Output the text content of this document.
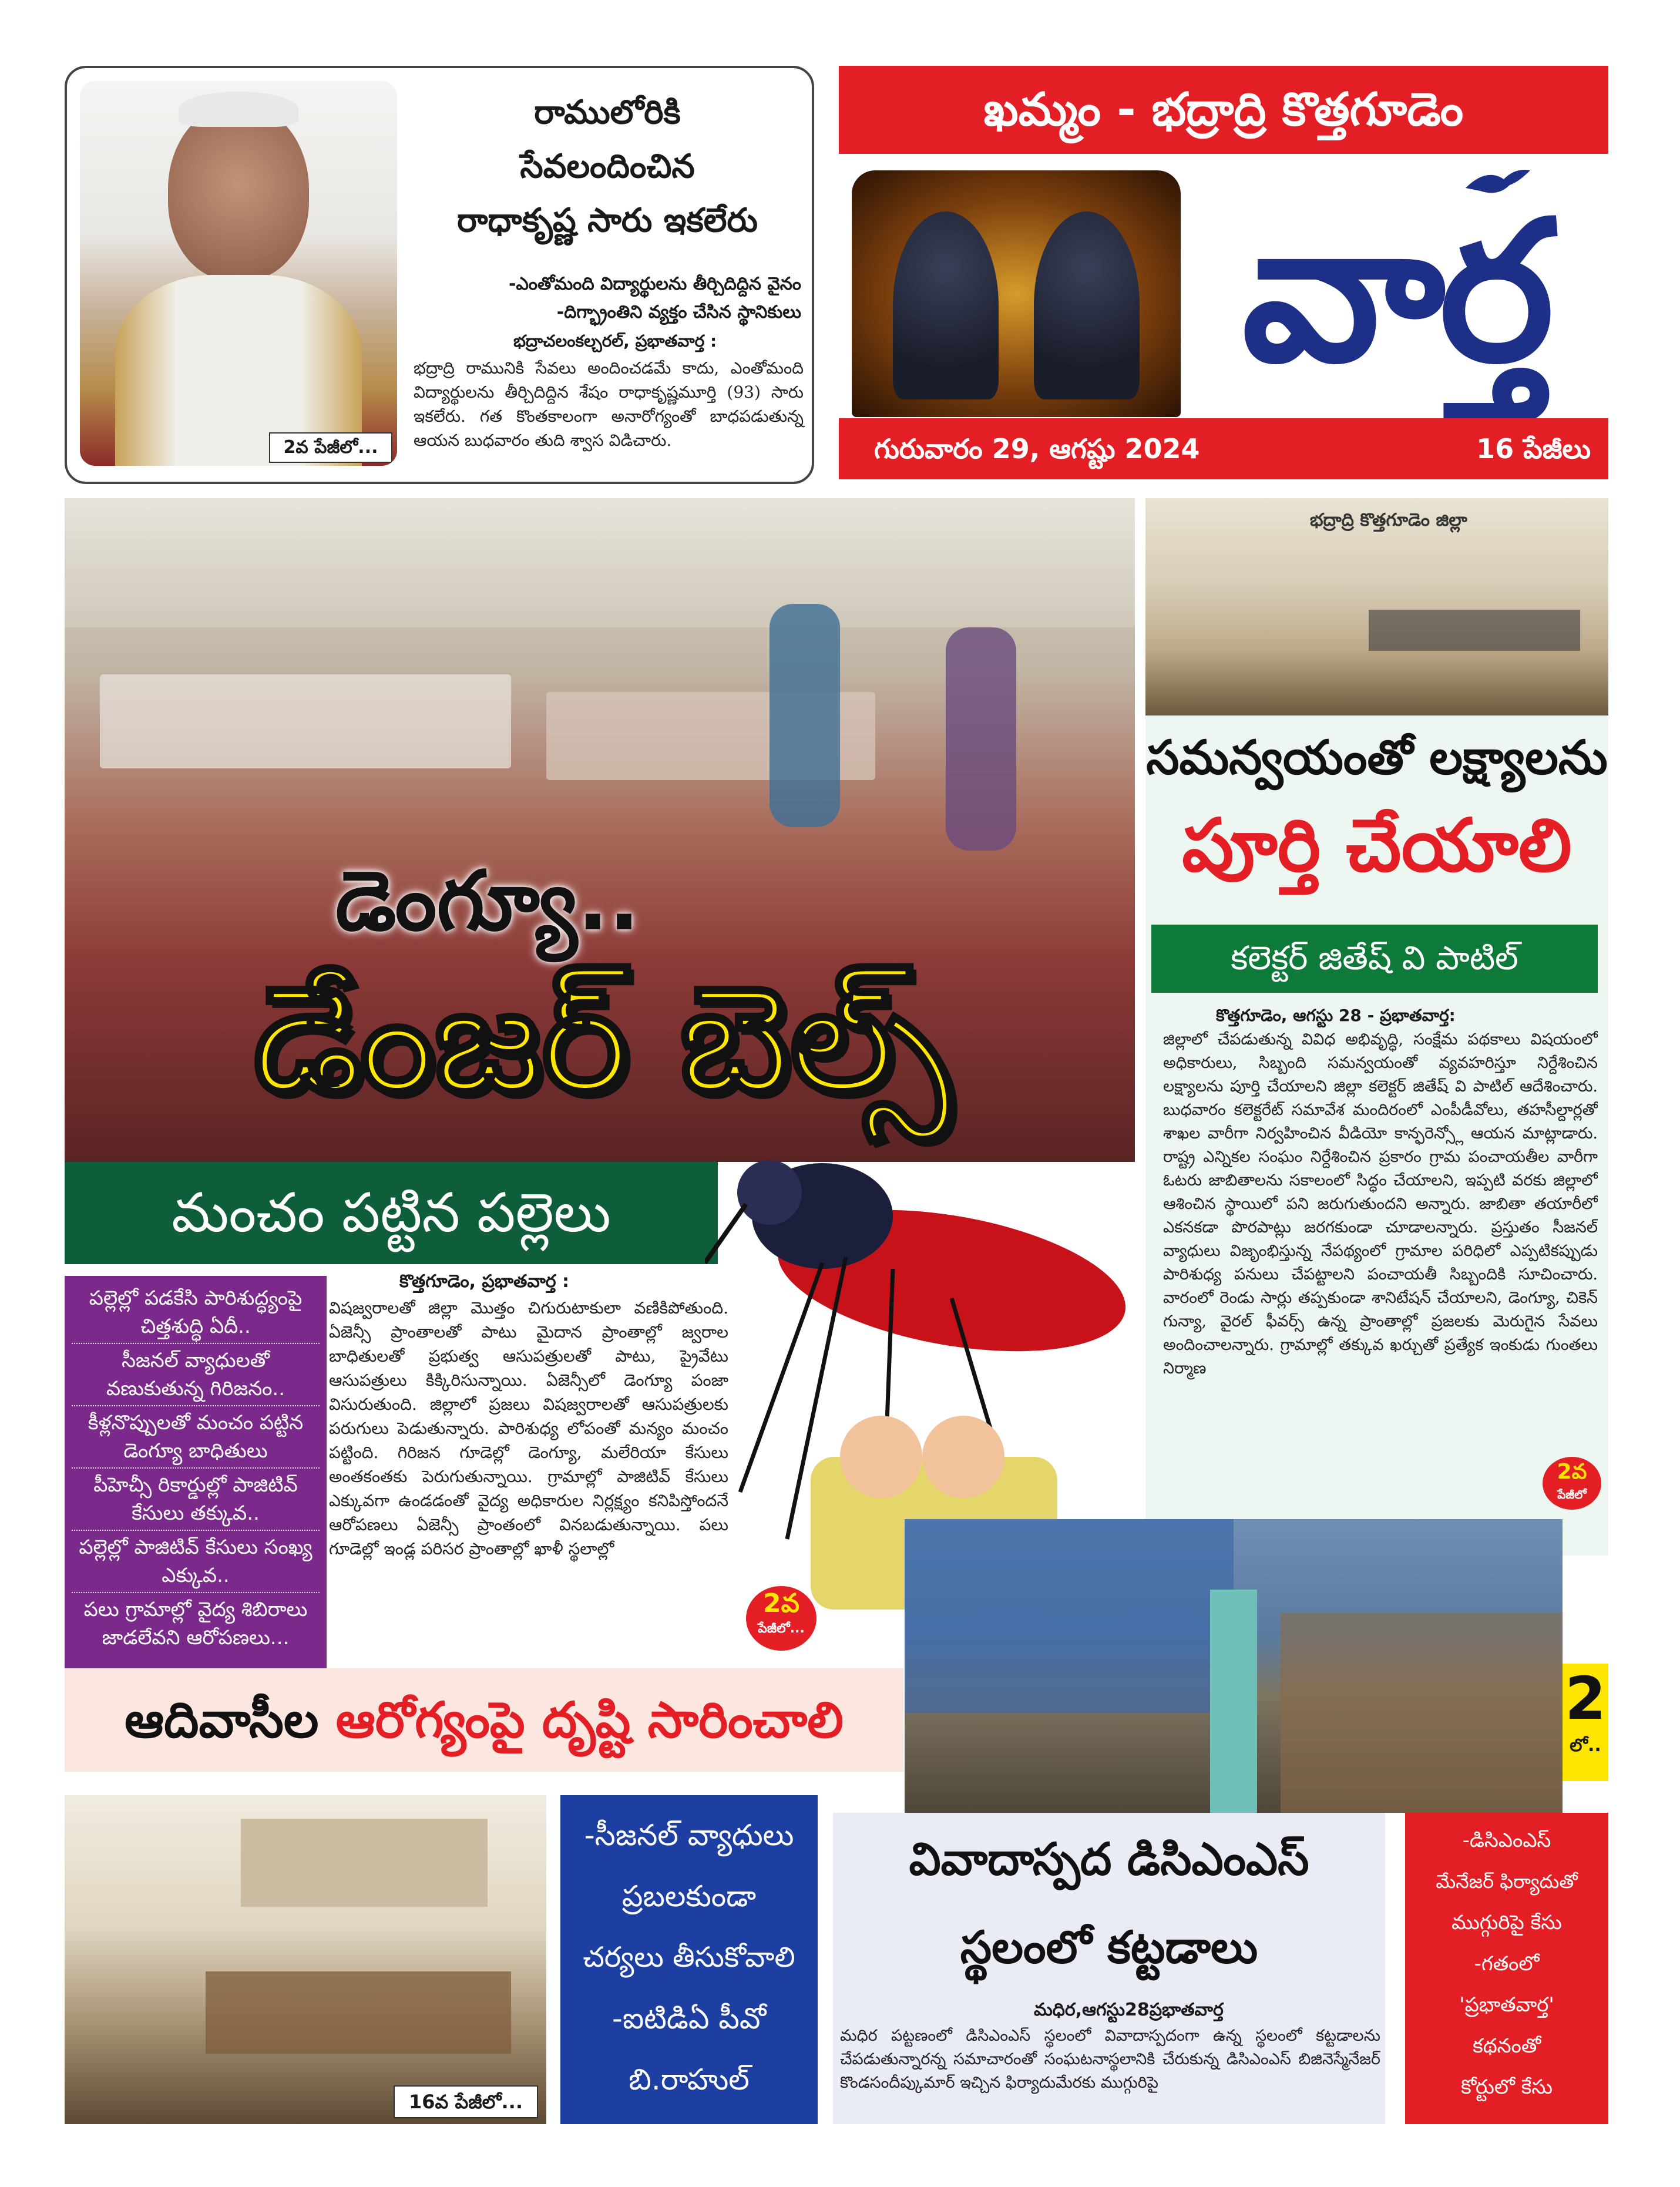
2వ పేజీలో...
రాములోరికి
సేవలందించిన
రాధాకృష్ణ సారు ఇకలేరు
-ఎంతోమంది విద్యార్థులను తీర్చిదిద్దిన వైనం
-దిగ్భ్రాంతిని వ్యక్తం చేసిన స్థానికులు
భద్రాచలంకల్చరల్, ప్రభాతవార్త :
భద్రాద్రి రామునికి సేవలు అందించడమే కాదు, ఎంతోమంది విద్యార్థులను తీర్చిదిద్దిన శేషం రాధాకృష్ణమూర్తి (93) సారు ఇకలేరు. గత కొంతకాలంగా అనారోగ్యంతో బాధపడుతున్న ఆయన బుధవారం తుది శ్వాస విడిచారు.
ఖమ్మం - భద్రాద్రి కొత్తగూడెం
వార్త
గురువారం 29, ఆగష్టు 2024	16 పేజీలు
డెంగ్యూ..
డేంజర్ బెల్స్
మంచం పట్టిన పల్లెలు
2వ
పేజీలో...
పల్లెల్లో పడకేసి పారిశుద్ధ్యంపై చిత్తశుద్ధి ఏదీ..
సీజనల్ వ్యాధులతో వణుకుతున్న గిరిజనం..
కీళ్లనొప్పులతో మంచం పట్టిన డెంగ్యూ బాధితులు
పీహెచ్సీ రికార్డుల్లో పాజిటివ్ కేసులు తక్కువ..
పల్లెల్లో పాజిటివ్ కేసులు సంఖ్య ఎక్కువ..
పలు గ్రామాల్లో వైద్య శిబిరాలు జాడలేవని ఆరోపణలు...
కొత్తగూడెం, ప్రభాతవార్త :
విషజ్వరాలతో జిల్లా మొత్తం చిగురుటాకులా వణికిపోతుంది. ఏజెన్సీ ప్రాంతాలతో పాటు మైదాన ప్రాంతాల్లో జ్వరాల బాధితులతో ప్రభుత్వ ఆసుపత్రులతో పాటు, ప్రైవేటు ఆసుపత్రులు కిక్కిరిసున్నాయి. ఏజెన్సీలో డెంగ్యూ పంజా విసురుతుంది. జిల్లాలో ప్రజలు విషజ్వరాలతో ఆసుపత్రులకు పరుగులు పెడుతున్నారు. పారిశుధ్య లోపంతో మన్యం మంచం పట్టింది. గిరిజన గూడెల్లో డెంగ్యూ, మలేరియా కేసులు అంతకంతకు పెరుగుతున్నాయి. గ్రామాల్లో పాజిటివ్ కేసులు ఎక్కువగా ఉండడంతో వైద్య అధికారుల నిర్లక్ష్యం కనిపిస్తోందనే ఆరోపణలు ఏజెన్సీ ప్రాంతంలో వినబడుతున్నాయి. పలు గూడెల్లో ఇండ్ల పరిసర ప్రాంతాల్లో ఖాళీ స్థలాల్లో
భద్రాద్రి కొత్తగూడెం జిల్లా
సమన్వయంతో లక్ష్యాలను
పూర్తి చేయాలి
కలెక్టర్ జితేష్ వి పాటిల్
కొత్తగూడెం, ఆగస్టు 28 - ప్రభాతవార్త:
జిల్లాలో చేపడుతున్న వివిధ అభివృద్ధి, సంక్షేమ పథకాలు విషయంలో అధికారులు, సిబ్బంది సమన్వయంతో వ్యవహరిస్తూ నిర్దేశించిన లక్ష్యాలను పూర్తి చేయాలని జిల్లా కలెక్టర్ జితేష్ వి పాటిల్ ఆదేశించారు. బుధవారం కలెక్టరేట్ సమావేశ మందిరంలో ఎంపీడీవోలు, తహసీల్దార్లతో శాఖల వారీగా నిర్వహించిన వీడియో కాన్ఫరెన్స్లో ఆయన మాట్లాడారు. రాష్ట్ర ఎన్నికల సంఘం నిర్దేశించిన ప్రకారం గ్రామ పంచాయతీల వారీగా ఓటరు జాబితాలను సకాలంలో సిద్ధం చేయాలని, ఇప్పటి వరకు జిల్లాలో ఆశించిన స్థాయిలో పని జరుగుతుందని అన్నారు. జాబితా తయారీలో ఎకనకడా పొరపాట్లు జరగకుండా చూడాలన్నారు. ప్రస్తుతం సీజనల్ వ్యాధులు విజృంభిస్తున్న నేపథ్యంలో గ్రామాల పరిధిలో ఎప్పటికప్పుడు పారిశుధ్య పనులు చేపట్టాలని పంచాయతీ సిబ్బందికి సూచించారు. వారంలో రెండు సార్లు తప్పకుండా శానిటేషన్ చేయాలని, డెంగ్యూ, చికెన్ గున్యా, వైరల్ ఫీవర్స్ ఉన్న ప్రాంతాల్లో ప్రజలకు మెరుగైన సేవలు అందించాలన్నారు. గ్రామాల్లో తక్కువ ఖర్చుతో ప్రత్యేక ఇంకుడు గుంతలు నిర్మాణ
2వ
పేజీలో
2
లో..
ఆదివాసీల ఆరోగ్యంపై దృష్టి సారించాలి
16వ పేజీలో...
-సీజనల్ వ్యాధులు
ప్రబలకుండా
చర్యలు తీసుకోవాలి
-ఐటిడిఏ పీవో
బి.రాహుల్
వివాదాస్పద డిసిఎంఎస్
స్థలంలో కట్టడాలు
మధిర,ఆగస్టు28ప్రభాతవార్త
మధిర పట్టణంలో డిసిఎంఎస్ స్థలంలో వివాదాస్పదంగా ఉన్న స్థలంలో కట్టడాలను చేపడుతున్నారన్న సమాచారంతో సంఘటనాస్థలానికి చేరుకున్న డిసిఎంఎస్ బిజినెస్మేనేజర్ కొండసందీప్కుమార్ ఇచ్చిన ఫిర్యాదుమేరకు ముగ్గురిపై
-డిసిఎంఎస్
మేనేజర్ ఫిర్యాదుతో
ముగ్గురిపై కేసు
-గతంలో
'ప్రభాతవార్త'
కథనంతో
కోర్టులో కేసు
